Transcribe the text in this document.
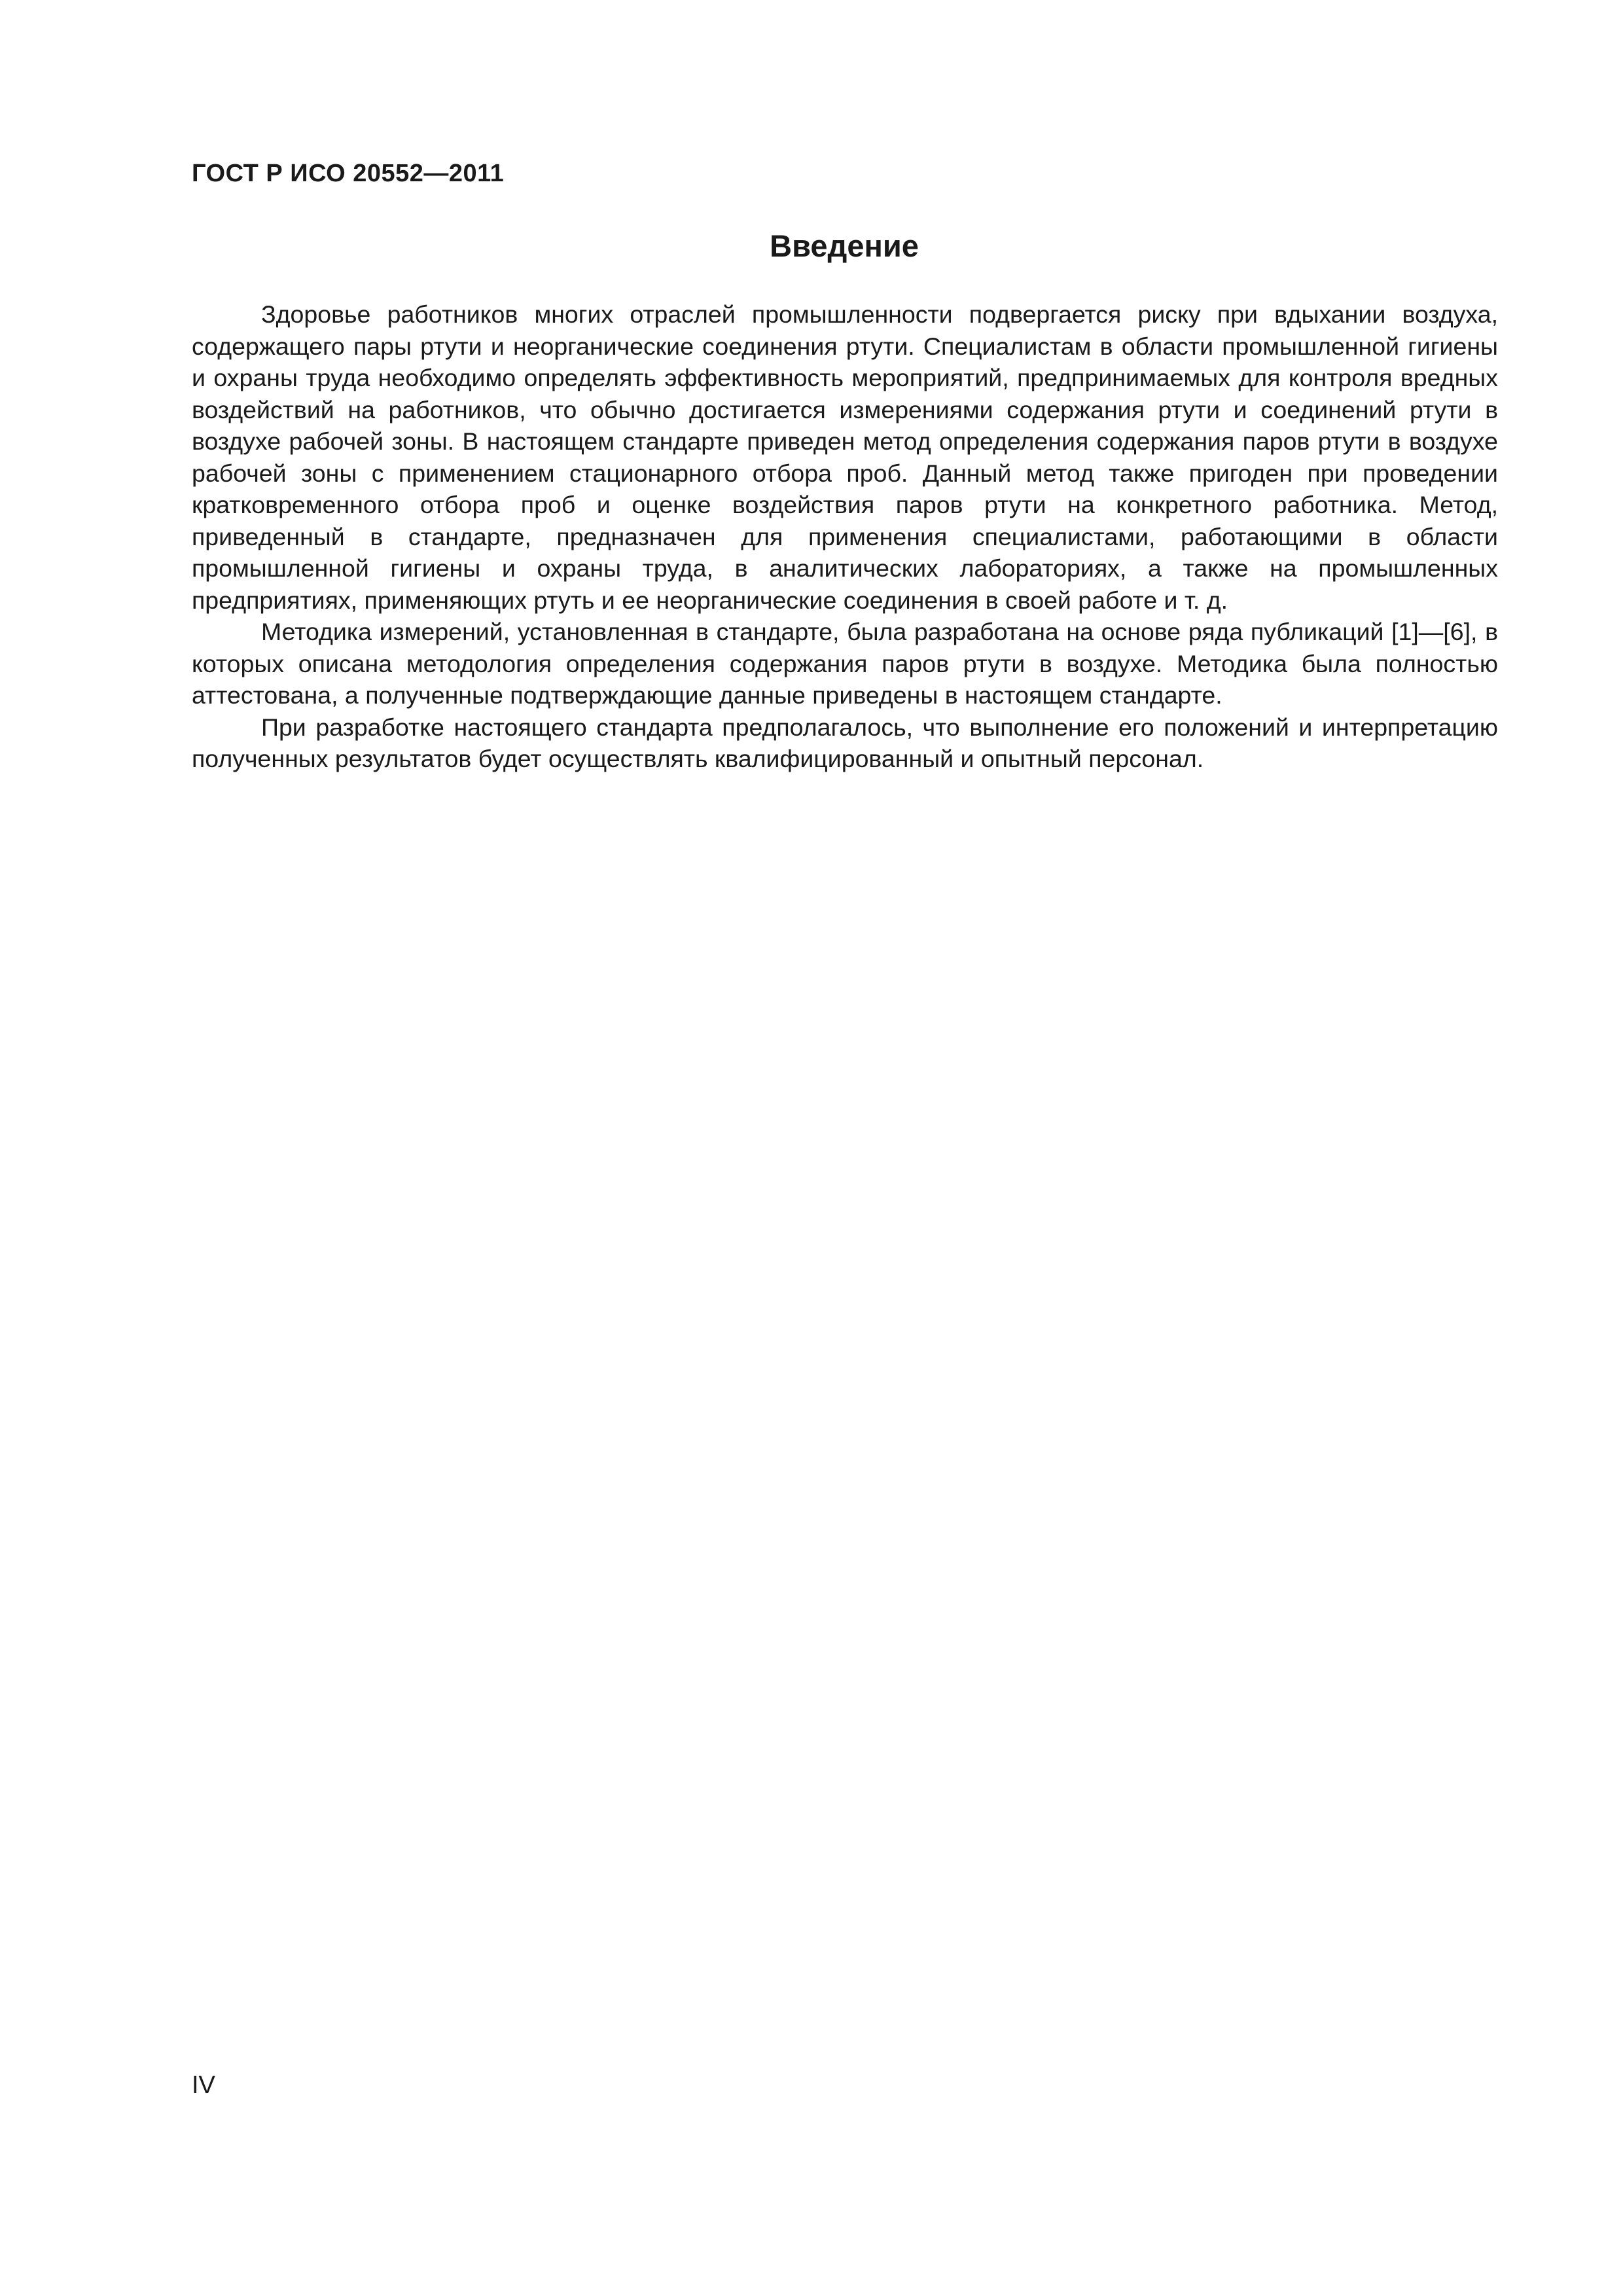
ГОСТ Р ИСО 20552—2011
Введение

Здоровье работников многих отраслей промышленности подвергается риску при вдыхании воздуха, содержащего пары ртути и неорганические соединения ртути. Специалистам в области промышленной гигиены и охраны труда необходимо определять эффективность мероприятий, предпринимаемых для контроля вредных воздействий на работников, что обычно достигается измерениями содержания ртути и соединений ртути в воздухе рабочей зоны. В настоящем стандарте приведен метод определения содержания паров ртути в воздухе рабочей зоны с применением стационарного отбора проб. Данный метод также пригоден при проведении кратковременного отбора проб и оценке воздействия паров ртути на конкретного работника. Метод, приведенный в стандарте, предназначен для применения специалистами, работающими в области промышленной гигиены и охраны труда, в аналитических лабораториях, а также на промышленных предприятиях, применяющих ртуть и ее неорганические соединения в своей работе и т. д.

Методика измерений, установленная в стандарте, была разработана на основе ряда публикаций [1]—[6], в которых описана методология определения содержания паров ртути в воздухе. Методика была полностью аттестована, а полученные подтверждающие данные приведены в настоящем стандарте.

При разработке настоящего стандарта предполагалось, что выполнение его положений и интерпретацию полученных результатов будет осуществлять квалифицированный и опытный персонал.

IV
